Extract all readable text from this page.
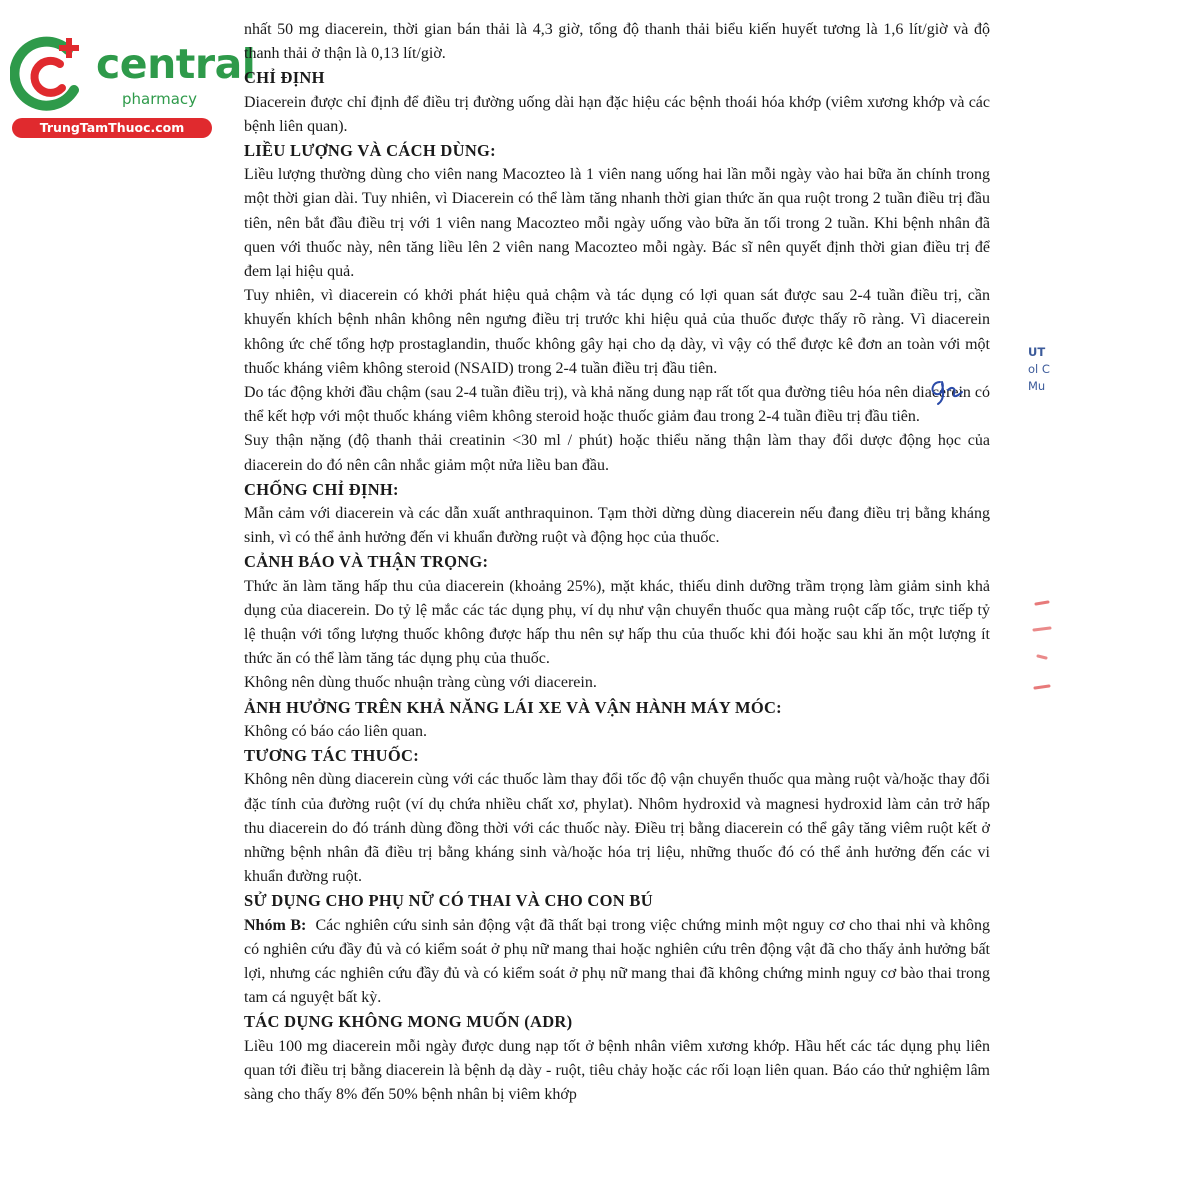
central
pharmacy
TrungTamThuoc.com

nhất 50 mg diacerein, thời gian bán thải là 4,3 giờ, tổng độ thanh thải biểu kiến huyết tương là 1,6 lít/giờ và độ thanh thải ở thận là 0,13 lít/giờ.

CHỈ ĐỊNH

Diacerein được chỉ định để điều trị đường uống dài hạn đặc hiệu các bệnh thoái hóa khớp (viêm xương khớp và các bệnh liên quan).

LIỀU LƯỢNG VÀ CÁCH DÙNG:

Liều lượng thường dùng cho viên nang Macozteo là 1 viên nang uống hai lần mỗi ngày vào hai bữa ăn chính trong một thời gian dài. Tuy nhiên, vì Diacerein có thể làm tăng nhanh thời gian thức ăn qua ruột trong 2 tuần điều trị đầu tiên, nên bắt đầu điều trị với 1 viên nang Macozteo mỗi ngày uống vào bữa ăn tối trong 2 tuần. Khi bệnh nhân đã quen với thuốc này, nên tăng liều lên 2 viên nang Macozteo mỗi ngày. Bác sĩ nên quyết định thời gian điều trị để đem lại hiệu quả.

Tuy nhiên, vì diacerein có khởi phát hiệu quả chậm và tác dụng có lợi quan sát được sau 2-4 tuần điều trị, cần khuyến khích bệnh nhân không nên ngưng điều trị trước khi hiệu quả của thuốc được thấy rõ ràng. Vì diacerein không ức chế tổng hợp prostaglandin, thuốc không gây hại cho dạ dày, vì vậy có thể được kê đơn an toàn với một thuốc kháng viêm không steroid (NSAID) trong 2-4 tuần điều trị đầu tiên.

Do tác động khởi đầu chậm (sau 2-4 tuần điều trị), và khả năng dung nạp rất tốt qua đường tiêu hóa nên diacerein có thể kết hợp với một thuốc kháng viêm không steroid hoặc thuốc giảm đau trong 2-4 tuần điều trị đầu tiên.

Suy thận nặng (độ thanh thải creatinin <30 ml / phút) hoặc thiểu năng thận làm thay đổi dược động học của diacerein do đó nên cân nhắc giảm một nửa liều ban đầu.

CHỐNG CHỈ ĐỊNH:

Mẫn cảm với diacerein và các dẫn xuất anthraquinon. Tạm thời dừng dùng diacerein nếu đang điều trị bằng kháng sinh, vì có thể ảnh hưởng đến vi khuẩn đường ruột và động học của thuốc.

CẢNH BÁO VÀ THẬN TRỌNG:

Thức ăn làm tăng hấp thu của diacerein (khoảng 25%), mặt khác, thiếu dinh dưỡng trầm trọng làm giảm sinh khả dụng của diacerein. Do tỷ lệ mắc các tác dụng phụ, ví dụ như vận chuyển thuốc qua màng ruột cấp tốc, trực tiếp tỷ lệ thuận với tổng lượng thuốc không được hấp thu nên sự hấp thu của thuốc khi đói hoặc sau khi ăn một lượng ít thức ăn có thể làm tăng tác dụng phụ của thuốc.

Không nên dùng thuốc nhuận tràng cùng với diacerein.

ẢNH HƯỞNG TRÊN KHẢ NĂNG LÁI XE VÀ VẬN HÀNH MÁY MÓC:

Không có báo cáo liên quan.

TƯƠNG TÁC THUỐC:

Không nên dùng diacerein cùng với các thuốc làm thay đổi tốc độ vận chuyển thuốc qua màng ruột và/hoặc thay đổi đặc tính của đường ruột (ví dụ chứa nhiều chất xơ, phylat). Nhôm hydroxid và magnesi hydroxid làm cản trở hấp thu diacerein do đó tránh dùng đồng thời với các thuốc này. Điều trị bằng diacerein có thể gây tăng viêm ruột kết ở những bệnh nhân đã điều trị bằng kháng sinh và/hoặc hóa trị liệu, những thuốc đó có thể ảnh hưởng đến các vi khuẩn đường ruột.

SỬ DỤNG CHO PHỤ NỮ CÓ THAI VÀ CHO CON BÚ

Nhóm B: Các nghiên cứu sinh sản động vật đã thất bại trong việc chứng minh một nguy cơ cho thai nhi và không có nghiên cứu đầy đủ và có kiểm soát ở phụ nữ mang thai hoặc nghiên cứu trên động vật đã cho thấy ảnh hưởng bất lợi, nhưng các nghiên cứu đầy đủ và có kiểm soát ở phụ nữ mang thai đã không chứng minh nguy cơ bào thai trong tam cá nguyệt bất kỳ.

TÁC DỤNG KHÔNG MONG MUỐN (ADR)

Liều 100 mg diacerein mỗi ngày được dung nạp tốt ở bệnh nhân viêm xương khớp. Hầu hết các tác dụng phụ liên quan tới điều trị bằng diacerein là bệnh dạ dày - ruột, tiêu chảy hoặc các rối loạn liên quan. Báo cáo thử nghiệm lâm sàng cho thấy 8% đến 50% bệnh nhân bị viêm khớp

UT
ol C
Mu
